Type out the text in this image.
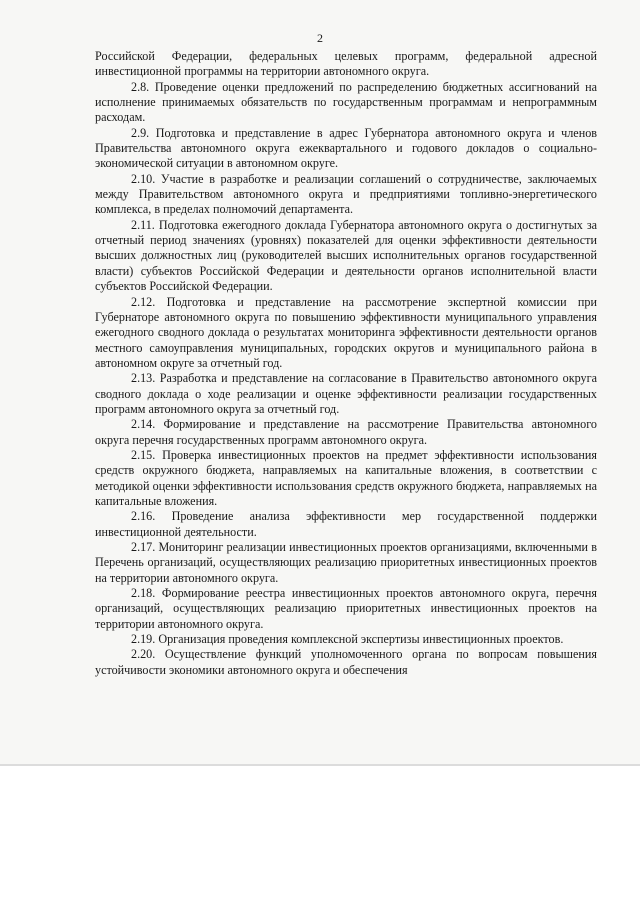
2

Российской Федерации, федеральных целевых программ, федеральной адресной инвестиционной программы на территории автономного округа.

2.8. Проведение оценки предложений по распределению бюджетных ассигнований на исполнение принимаемых обязательств по государственным программам и непрограммным расходам.

2.9. Подготовка и представление в адрес Губернатора автономного округа и членов Правительства автономного округа ежеквартального и годового докладов о социально-экономической ситуации в автономном округе.

2.10. Участие в разработке и реализации соглашений о сотрудничестве, заключаемых между Правительством автономного округа и предприятиями топливно-энергетического комплекса, в пределах полномочий департамента.

2.11. Подготовка ежегодного доклада Губернатора автономного округа о достигнутых за отчетный период значениях (уровнях) показателей для оценки эффективности деятельности высших должностных лиц (руководителей высших исполнительных органов государственной власти) субъектов Российской Федерации и деятельности органов исполнительной власти субъектов Российской Федерации.

2.12. Подготовка и представление на рассмотрение экспертной комиссии при Губернаторе автономного округа по повышению эффективности муниципального управления ежегодного сводного доклада о результатах мониторинга эффективности деятельности органов местного самоуправления муниципальных, городских округов и муниципального района в автономном округе за отчетный год.

2.13. Разработка и представление на согласование в Правительство автономного округа сводного доклада о ходе реализации и оценке эффективности реализации государственных программ автономного округа за отчетный год.

2.14. Формирование и представление на рассмотрение Правительства автономного округа перечня государственных программ автономного округа.

2.15. Проверка инвестиционных проектов на предмет эффективности использования средств окружного бюджета, направляемых на капитальные вложения, в соответствии с методикой оценки эффективности использования средств окружного бюджета, направляемых на капитальные вложения.

2.16. Проведение анализа эффективности мер государственной поддержки инвестиционной деятельности.

2.17. Мониторинг реализации инвестиционных проектов организациями, включенными в Перечень организаций, осуществляющих реализацию приоритетных инвестиционных проектов на территории автономного округа.

2.18. Формирование реестра инвестиционных проектов автономного округа, перечня организаций, осуществляющих реализацию приоритетных инвестиционных проектов на территории автономного округа.

2.19. Организация проведения комплексной экспертизы инвестиционных проектов.

2.20. Осуществление функций уполномоченного органа по вопросам повышения устойчивости экономики автономного округа и обеспечения
